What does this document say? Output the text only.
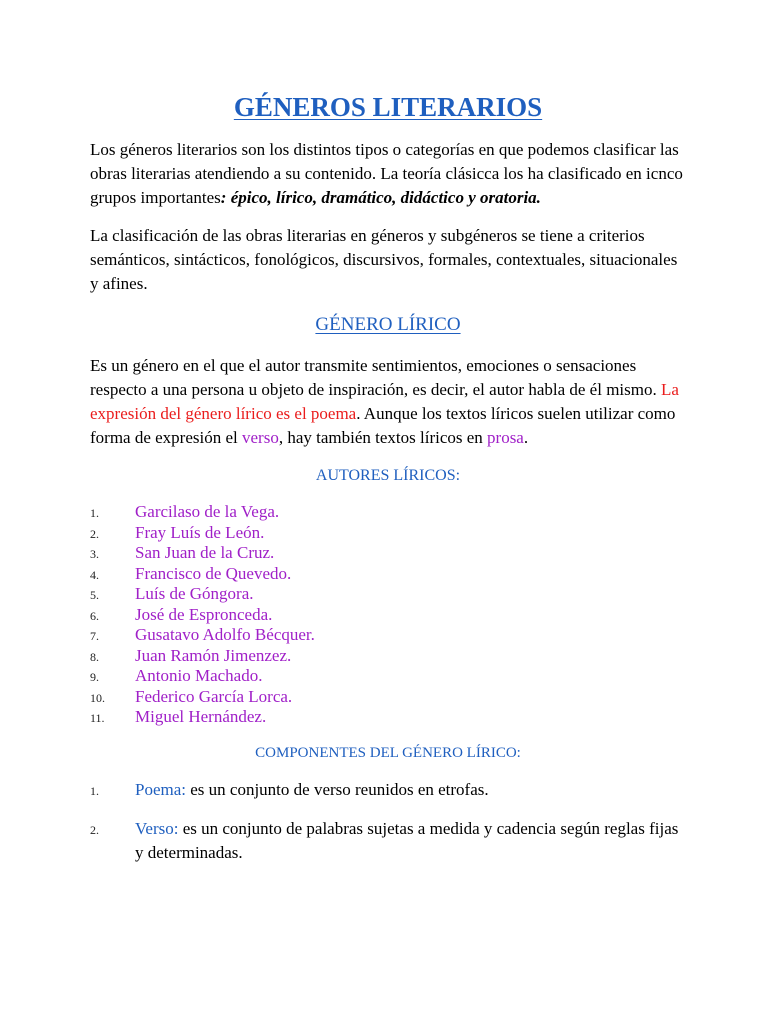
GÉNEROS LITERARIOS

Los géneros literarios son los distintos tipos o categorías en que podemos clasificar las obras literarias atendiendo a su contenido. La teoría clásicca los ha clasificado en icnco grupos importantes: épico, lírico, dramático, didáctico y oratoria.

La clasificación de las obras literarias en géneros y subgéneros se tiene a criterios semánticos, sintácticos, fonológicos, discursivos, formales, contextuales, situacionales y afines.

GÉNERO LÍRICO

Es un género en el que el autor transmite sentimientos, emociones o sensaciones respecto a una persona u objeto de inspiración, es decir, el autor habla de él mismo. La expresión del género lírico es el poema. Aunque los textos líricos suelen utilizar como forma de expresión el verso, hay también textos líricos en prosa.

AUTORES LÍRICOS:
1.	Garcilaso de la Vega.
2.	Fray Luís de León.
3.	San Juan de la Cruz.
4.	Francisco de Quevedo.
5.	Luís de Góngora.
6.	José de Espronceda.
7.	Gusatavo Adolfo Bécquer.
8.	Juan Ramón Jimenzez.
9.	Antonio Machado.
10.	Federico García Lorca.
11.	Miguel Hernández.
COMPONENTES DEL GÉNERO LÍRICO:
1.	Poema: es un conjunto de verso reunidos en etrofas.
2.	Verso: es un conjunto de palabras sujetas a medida y cadencia según reglas fijas y determinadas.
